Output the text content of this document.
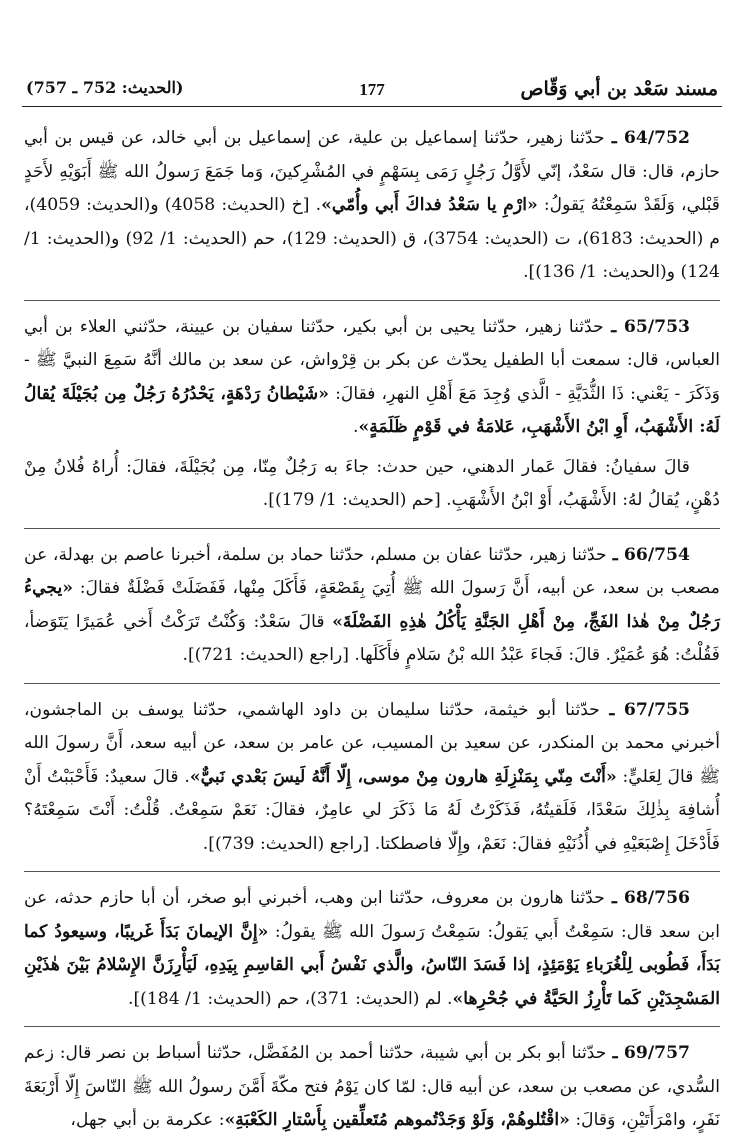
مسند سَعْد بن أبي وَقّاص
177
(الحديث: 752 ـ 757)

64/752 ـ حدّثنا زهير، حدّثنا إسماعيل بن علية، عن إسماعيل بن أبي خالد، عن قيس بن أبي حازم، قال: قال سَعْدٌ، إنّي لأَوَّلُ رَجُلٍ رَمَى بِسَهْمٍ في المُشْرِكينَ، وَما جَمَعَ رَسولُ الله ﷺ أَبَوَيْهِ لأَحَدٍ قَبْلي، وَلَقَدْ سَمِعْتُهُ يَقولُ: «ارْمِ يا سَعْدُ فداكَ أَبي وأُمّي». [خ (الحديث: 4058) و(الحديث: 4059)، م (الحديث: 6183)، ت (الحديث: 3754)، ق (الحديث: 129)، حم (الحديث: 1/ 92) و(الحديث: 1/ 124) و(الحديث: 1/ 136)].

65/753 ـ حدّثنا زهير، حدّثنا يحيى بن أبي بكير، حدّثنا سفيان بن عيينة، حدّثني العلاء بن أبي العباس، قال: سمعت أبا الطفيل يحدّث عن بكر بن قِرْواش، عن سعد بن مالك أنَّهُ سَمِعَ النبيَّ ﷺ - وَذَكَرَ - يَعْني: ذَا الثُّدَيَّةِ - الَّذي وُجِدَ مَعَ أَهْلِ النهرِ، فقالَ: «شَيْطانُ رَدْهَةٍ، يَحْدُرُهُ رَجُلٌ مِن بُجَيْلَةَ يُقالُ لَهُ: الأَشْهَبُ، أَوِ ابْنُ الأَشْهَبِ، عَلامَةُ في قَوْمٍ ظَلَمَةٍ».

قالَ سفيانُ: فقالَ عَمار الدهني، حين حدث: جاءَ به رَجُلٌ مِنّا، مِن بُجَيْلَةَ، فقالَ: أُراهُ فُلانُ مِنْ دُهْنٍ، يُقالُ لهُ: الأَشْهَبُ، أَوْ ابْنُ الأَشْهَبِ. [حم (الحديث: 1/ 179)].

66/754 ـ حدّثنا زهير، حدّثنا عفان بن مسلم، حدّثنا حماد بن سلمة، أخبرنا عاصم بن بهدلة، عن مصعب بن سعد، عن أبيه، أَنَّ رَسولَ الله ﷺ أُتِيَ بِقَصْعَةٍ، فَأَكَلَ مِنْها، فَفَضَلَتْ فَضْلَةٌ فقالَ: «يجيءُ رَجُلٌ مِنْ هٰذا الفَجِّ، مِنْ أَهْلِ الجَنَّةِ يَأْكُلُ هٰذِهِ الفَضْلَةَ» قالَ سَعْدٌ: وَكُنْتُ تَرَكْتُ أَخي عُمَيرًا يَتَوَضأ، فَقُلْتُ: هُوَ عُمَيْرٌ. قالَ: فَجاءَ عَبْدُ الله بْنُ سَلامٍ فأَكَلَها. [راجع (الحديث: 721)].

67/755 ـ حدّثنا أبو خيثمة، حدّثنا سليمان بن داود الهاشمي، حدّثنا يوسف بن الماجشون، أخبرني محمد بن المنكدر، عن سعيد بن المسيب، عن عامر بن سعد، عن أبيه سعد، أَنَّ رسولَ الله ﷺ قالَ لِعَليٍّ: «أَنْتَ مِنّي بِمَنْزِلَةِ هارون مِنْ موسى، إِلّا أَنَّهُ لَيسَ بَعْدي نَبيٌّ». قالَ سعيدٌ: فَأَحْبَبْتُ أَنْ أُشافِهَ بِذٰلِكَ سَعْدًا، فَلَقيتُهُ، فَذَكَرْتُ لَهُ مَا ذَكَرَ لي عامِرٌ، فقالَ: نَعَمْ سَمِعْتُ. قُلْتُ: أَنْتَ سَمِعْتَهُ؟ فَأَدْخَلَ إِصْبَعَيْهِ في أُذُنَيْهِ فقالَ: نَعَمْ، وإِلّا فاصطكتا. [راجع (الحديث: 739)].

68/756 ـ حدّثنا هارون بن معروف، حدّثنا ابن وهب، أخبرني أبو صخر، أن أبا حازم حدثه، عن ابن سعد قال: سَمِعْتُ أَبي يَقولُ: سَمِعْتُ رَسولَ الله ﷺ يقولُ: «إِنَّ الإيمانَ بَدَأَ غَريبًا، وسيعودُ كما بَدَأَ، فَطُوبى لِلْغُرَباءِ يَوْمَئِذٍ، إذا فَسَدَ النّاسُ، والَّذي نَفْسُ أَبي القاسِمِ بِيَدِهِ، لَيَأْرِزَنَّ الإِسْلامُ بَيْنَ هٰذَيْنِ المَسْجِدَيْنِ كَما تَأْرِزُ الحَيَّةُ في جُحْرِها». لم (الحديث: 371)، حم (الحديث: 1/ 184)].

69/757 ـ حدّثنا أبو بكر بن أبي شيبة، حدّثنا أحمد بن المُفَضَّل، حدّثنا أسباط بن نصر قال: زعم السُّدي، عن مصعب بن سعد، عن أبيه قال: لمّا كان يَوْمُ فتح مكّةَ أَمَّنَ رسولُ الله ﷺ النّاسَ إِلّا أَرْبَعَةَ نَفَرٍ، وامْرَأَتَيْنِ، وَقالَ: «اقْتُلوهُمْ، وَلَوْ وَجَدْتُموهم مُتَعلِّقين بِأَسْتارِ الكَعْبَةِ»: عكرمة بن أبي جهل،
